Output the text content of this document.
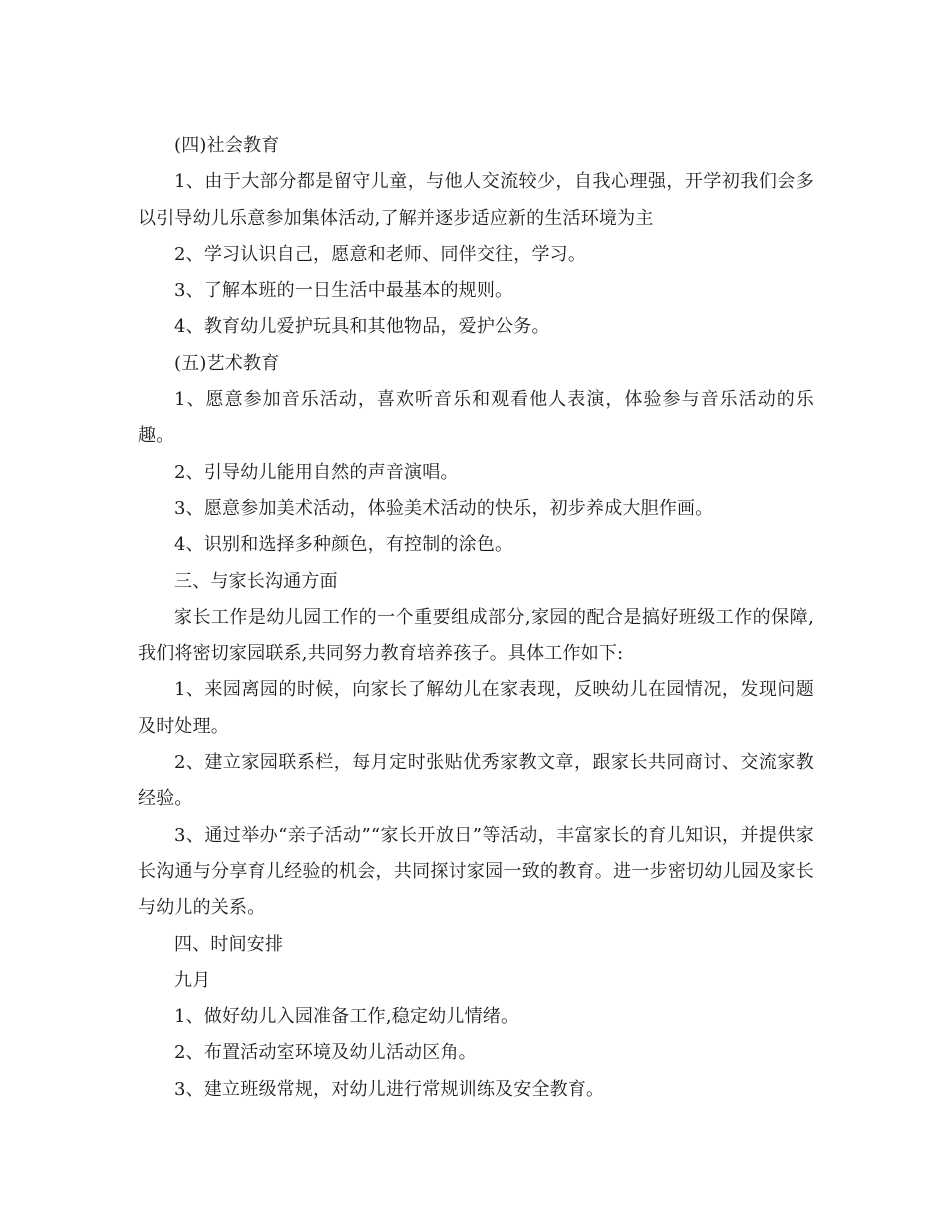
(四)社会教育

1、由于大部分都是留守儿童，与他人交流较少，自我心理强，开学初我们会多以引导幼儿乐意参加集体活动,了解并逐步适应新的生活环境为主

2、学习认识自己，愿意和老师、同伴交往，学习。

3、了解本班的一日生活中最基本的规则。

4、教育幼儿爱护玩具和其他物品，爱护公务。

(五)艺术教育

1、愿意参加音乐活动，喜欢听音乐和观看他人表演，体验参与音乐活动的乐趣。

2、引导幼儿能用自然的声音演唱。

3、愿意参加美术活动，体验美术活动的快乐，初步养成大胆作画。

4、识别和选择多种颜色，有控制的涂色。

三、与家长沟通方面

家长工作是幼儿园工作的一个重要组成部分,家园的配合是搞好班级工作的保障,我们将密切家园联系,共同努力教育培养孩子。具体工作如下:

1、来园离园的时候，向家长了解幼儿在家表现，反映幼儿在园情况，发现问题及时处理。

2、建立家园联系栏，每月定时张贴优秀家教文章，跟家长共同商讨、交流家教经验。

3、通过举办“亲子活动”“家长开放日”等活动，丰富家长的育儿知识，并提供家长沟通与分享育儿经验的机会，共同探讨家园一致的教育。进一步密切幼儿园及家长与幼儿的关系。

四、时间安排

九月

1、做好幼儿入园准备工作,稳定幼儿情绪。

2、布置活动室环境及幼儿活动区角。

3、建立班级常规，对幼儿进行常规训练及安全教育。
